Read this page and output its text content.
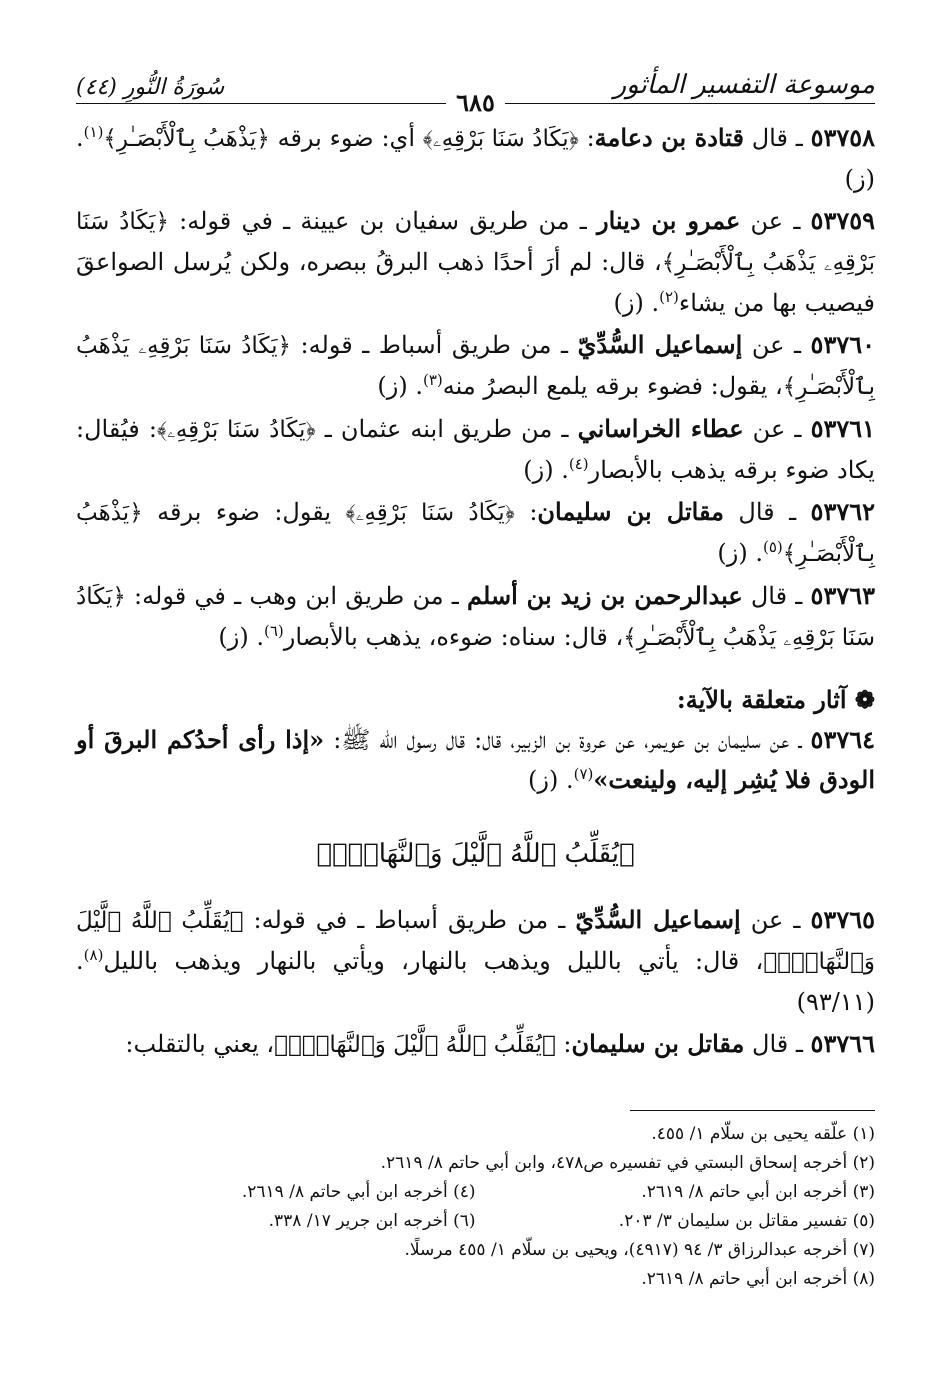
موسوعة التفسير المأثور
سُورَةُ النُّورِ (٤٤)
٦٨٥

٥٣٧٥٨ ـ قال قتادة بن دعامة: ﴿يَكَادُ سَنَا بَرْقِهِۦ﴾ أي: ضوء برقه ﴿يَذْهَبُ بِٱلْأَبْصَـٰرِ﴾$^{(١)}$. (ز)

٥٣٧٥٩ ـ عن عمرو بن دينار ـ من طريق سفيان بن عيينة ـ في قوله: ﴿يَكَادُ سَنَا بَرْقِهِۦ يَذْهَبُ بِٱلْأَبْصَـٰرِ﴾، قال: لم أرَ أحدًا ذهب البرقُ ببصره، ولكن يُرسل الصواعقَ فيصيب بها من يشاء$^{(٢)}$. (ز)

٥٣٧٦٠ ـ عن إسماعيل السُّدِّيّ ـ من طريق أسباط ـ قوله: ﴿يَكَادُ سَنَا بَرْقِهِۦ يَذْهَبُ بِٱلْأَبْصَـٰرِ﴾، يقول: فضوء برقه يلمع البصرُ منه$^{(٣)}$. (ز)

٥٣٧٦١ ـ عن عطاء الخراساني ـ من طريق ابنه عثمان ـ ﴿يَكَادُ سَنَا بَرْقِهِۦ﴾: فيُقال: يكاد ضوء برقه يذهب بالأبصار$^{(٤)}$. (ز)

٥٣٧٦٢ ـ قال مقاتل بن سليمان: ﴿يَكَادُ سَنَا بَرْقِهِۦ﴾ يقول: ضوء برقه ﴿يَذْهَبُ بِٱلْأَبْصَـٰرِ﴾$^{(٥)}$. (ز)

٥٣٧٦٣ ـ قال عبدالرحمن بن زيد بن أسلم ـ من طريق ابن وهب ـ في قوله: ﴿يَكَادُ سَنَا بَرْقِهِۦ يَذْهَبُ بِٱلْأَبْصَـٰرِ﴾، قال: سناه: ضوءه، يذهب بالأبصار$^{(٦)}$. (ز)

❁ آثار متعلقة بالآية:

٥٣٧٦٤ ـ عن سليمان بن عويمر، عن عروة بن الزبير، قال: قال رسول الله ﷺ: «إذا رأى أحدُكم البرقَ أو الودق فلا يُشِر إليه، ولينعت»$^{(٧)}$. (ز)

﴿يُقَلِّبُ ٱللَّهُ ٱلَّيْلَ وَٱلنَّهَارَۚ﴾

٥٣٧٦٥ ـ عن إسماعيل السُّدِّيّ ـ من طريق أسباط ـ في قوله: ﴿يُقَلِّبُ ٱللَّهُ ٱلَّيْلَ وَٱلنَّهَارَۚ﴾، قال: يأتي بالليل ويذهب بالنهار، ويأتي بالنهار ويذهب بالليل$^{(٨)}$. (٩٣/١١)

٥٣٧٦٦ ـ قال مقاتل بن سليمان: ﴿يُقَلِّبُ ٱللَّهُ ٱلَّيْلَ وَٱلنَّهَارَۚ﴾، يعني بالتقلب:

(١) علّقه يحيى بن سلّام ١/ ٤٥٥.
(٢) أخرجه إسحاق البستي في تفسيره ص٤٧٨، وابن أبي حاتم ٨/ ٢٦١٩.
(٣) أخرجه ابن أبي حاتم ٨/ ٢٦١٩.
(٤) أخرجه ابن أبي حاتم ٨/ ٢٦١٩.
(٥) تفسير مقاتل بن سليمان ٣/ ٢٠٣.
(٦) أخرجه ابن جرير ١٧/ ٣٣٨.
(٧) أخرجه عبدالرزاق ٣/ ٩٤ (٤٩١٧)، ويحيى بن سلّام ١/ ٤٥٥ مرسلًا.
(٨) أخرجه ابن أبي حاتم ٨/ ٢٦١٩.
